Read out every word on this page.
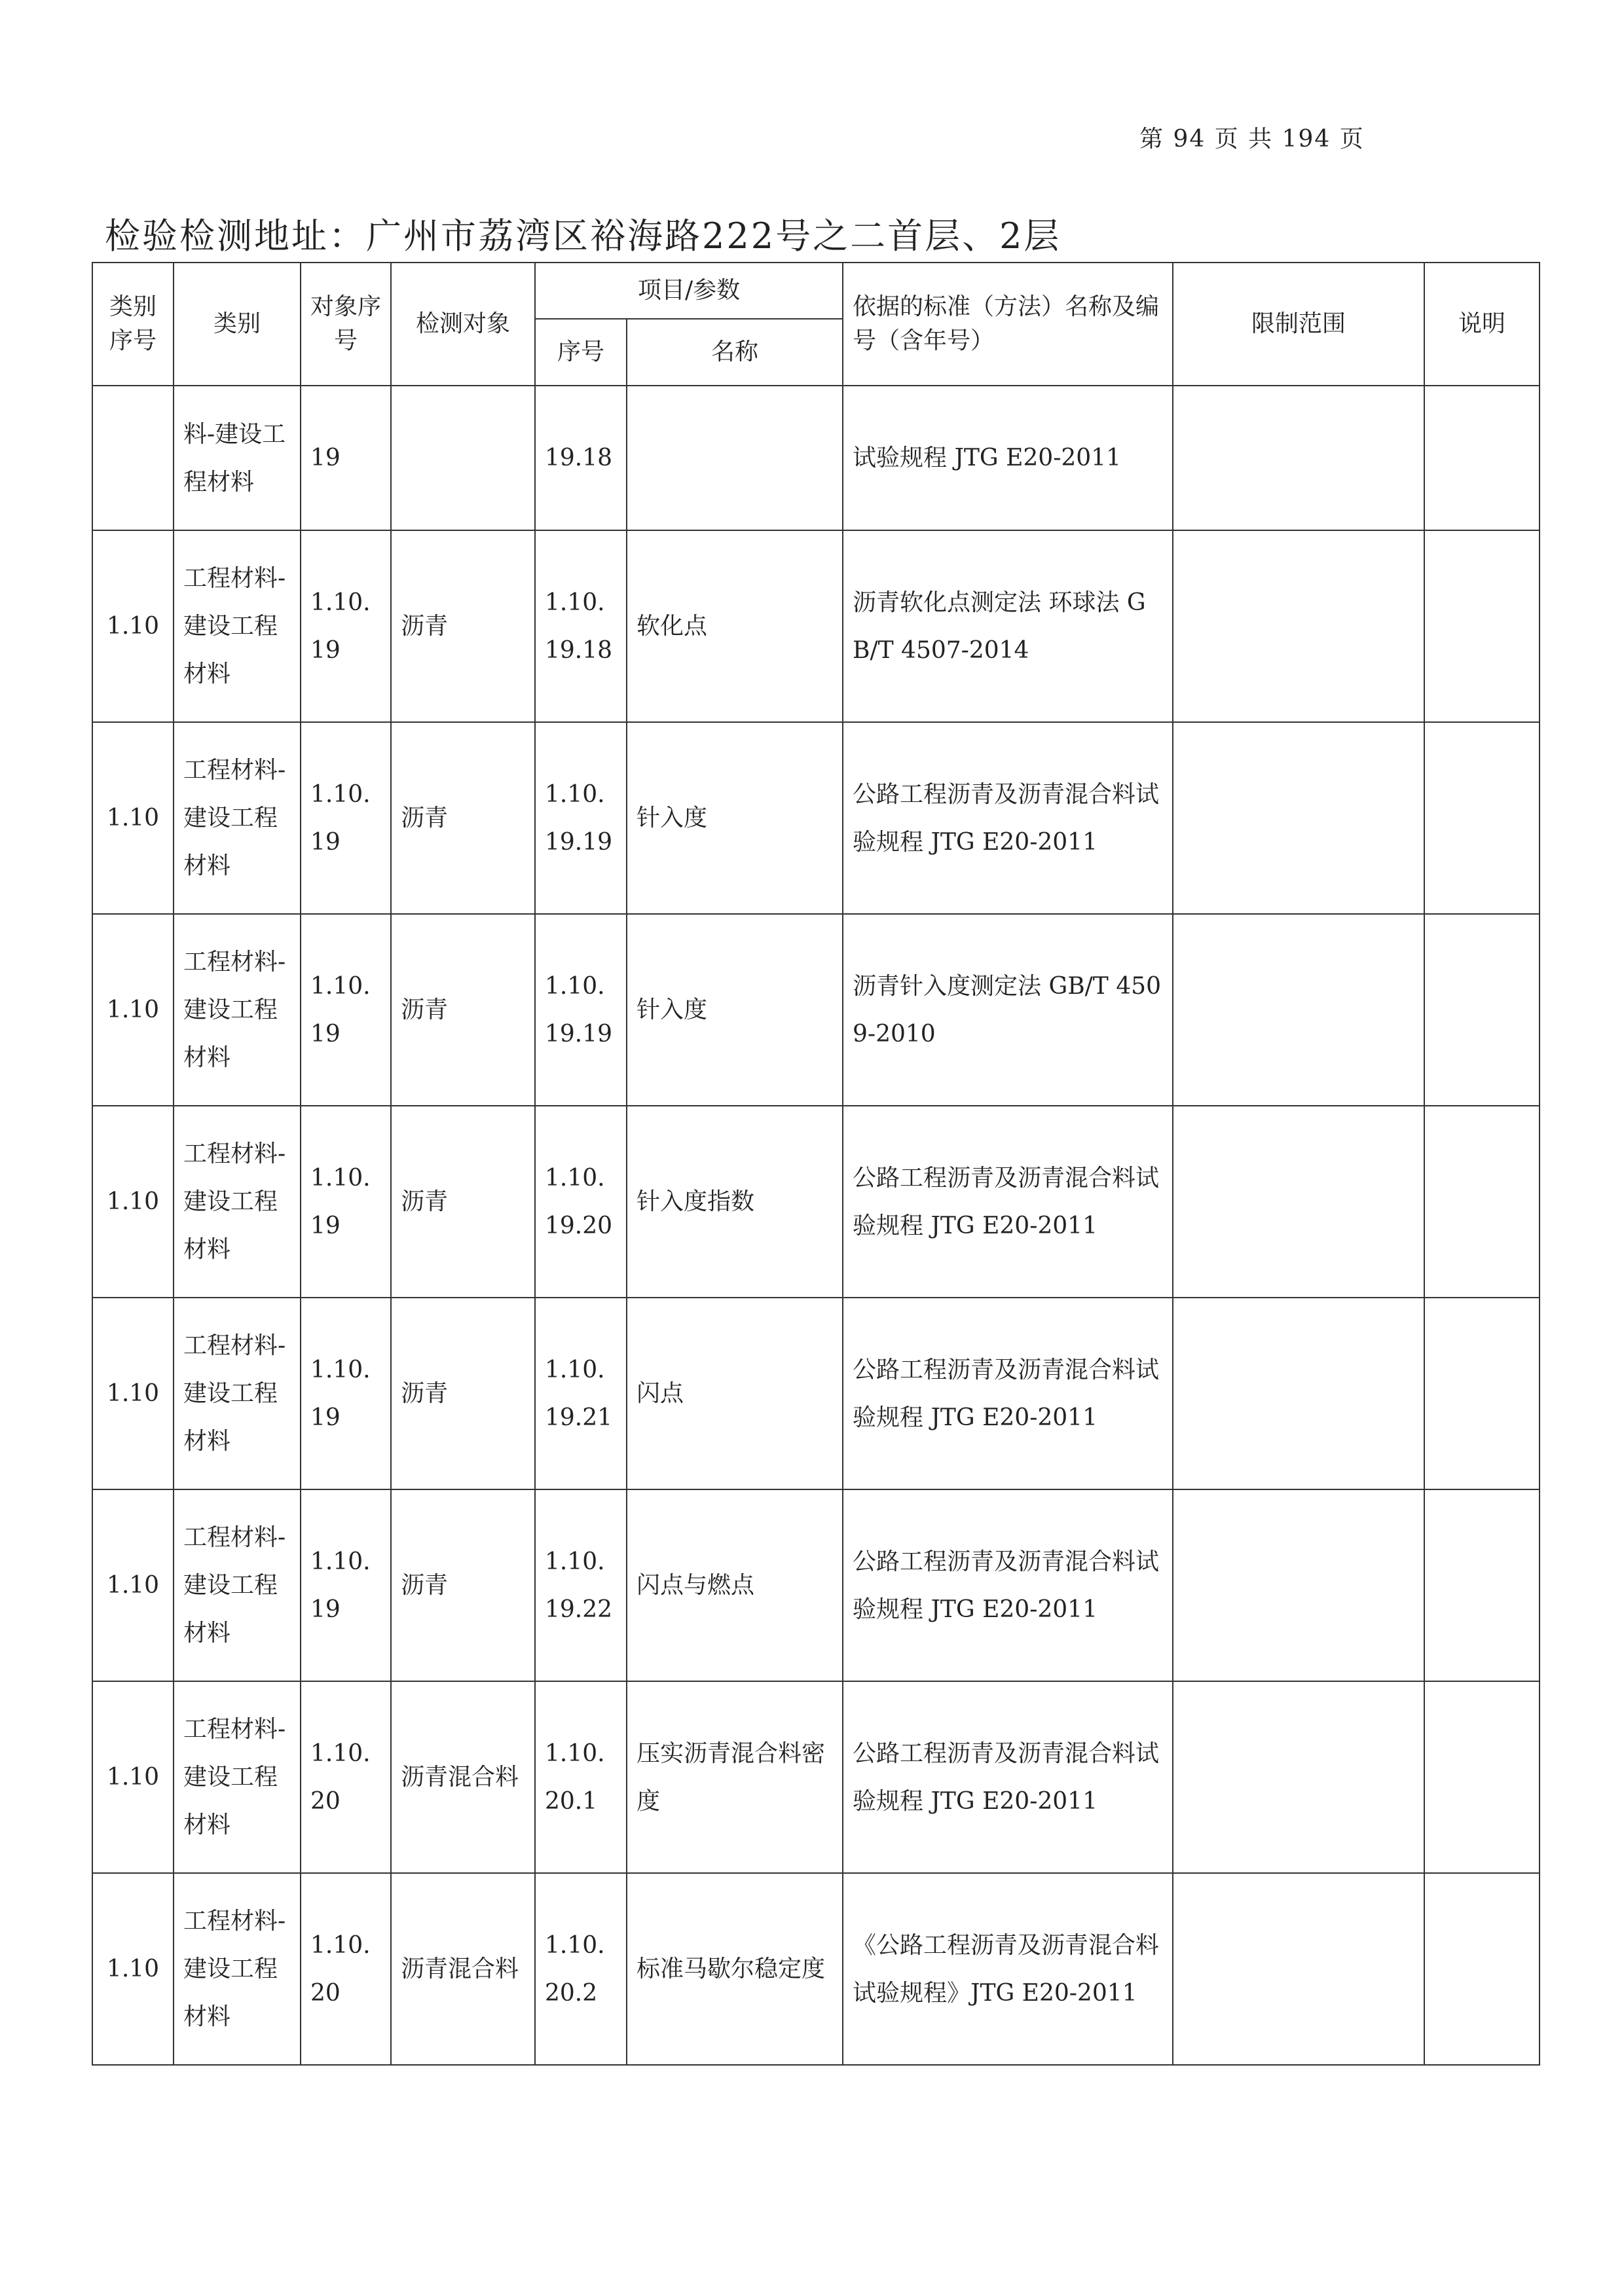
第 94 页 共 194 页
检验检测地址：广州市荔湾区裕海路222号之二首层、2层
类别序号	类别	对象序号	检测对象	项目/参数		依据的标准（方法）名称及编号（含年号）	限制范围	说明
				序号	名称			
	料-建设工程材料	19		19.18		试验规程 JTG E20-2011		
1.10	工程材料-建设工程材料	1.10.19	沥青	1.10.19.18	软化点	沥青软化点测定法 环球法 GB/T 4507-2014		
1.10	工程材料-建设工程材料	1.10.19	沥青	1.10.19.19	针入度	公路工程沥青及沥青混合料试验规程 JTG E20-2011		
1.10	工程材料-建设工程材料	1.10.19	沥青	1.10.19.19	针入度	沥青针入度测定法 GB/T 4509-2010		
1.10	工程材料-建设工程材料	1.10.19	沥青	1.10.19.20	针入度指数	公路工程沥青及沥青混合料试验规程 JTG E20-2011		
1.10	工程材料-建设工程材料	1.10.19	沥青	1.10.19.21	闪点	公路工程沥青及沥青混合料试验规程 JTG E20-2011		
1.10	工程材料-建设工程材料	1.10.19	沥青	1.10.19.22	闪点与燃点	公路工程沥青及沥青混合料试验规程 JTG E20-2011		
1.10	工程材料-建设工程材料	1.10.20	沥青混合料	1.10.20.1	压实沥青混合料密度	公路工程沥青及沥青混合料试验规程 JTG E20-2011		
1.10	工程材料-建设工程材料	1.10.20	沥青混合料	1.10.20.2	标准马歇尔稳定度	《公路工程沥青及沥青混合料试验规程》JTG E20-2011		
